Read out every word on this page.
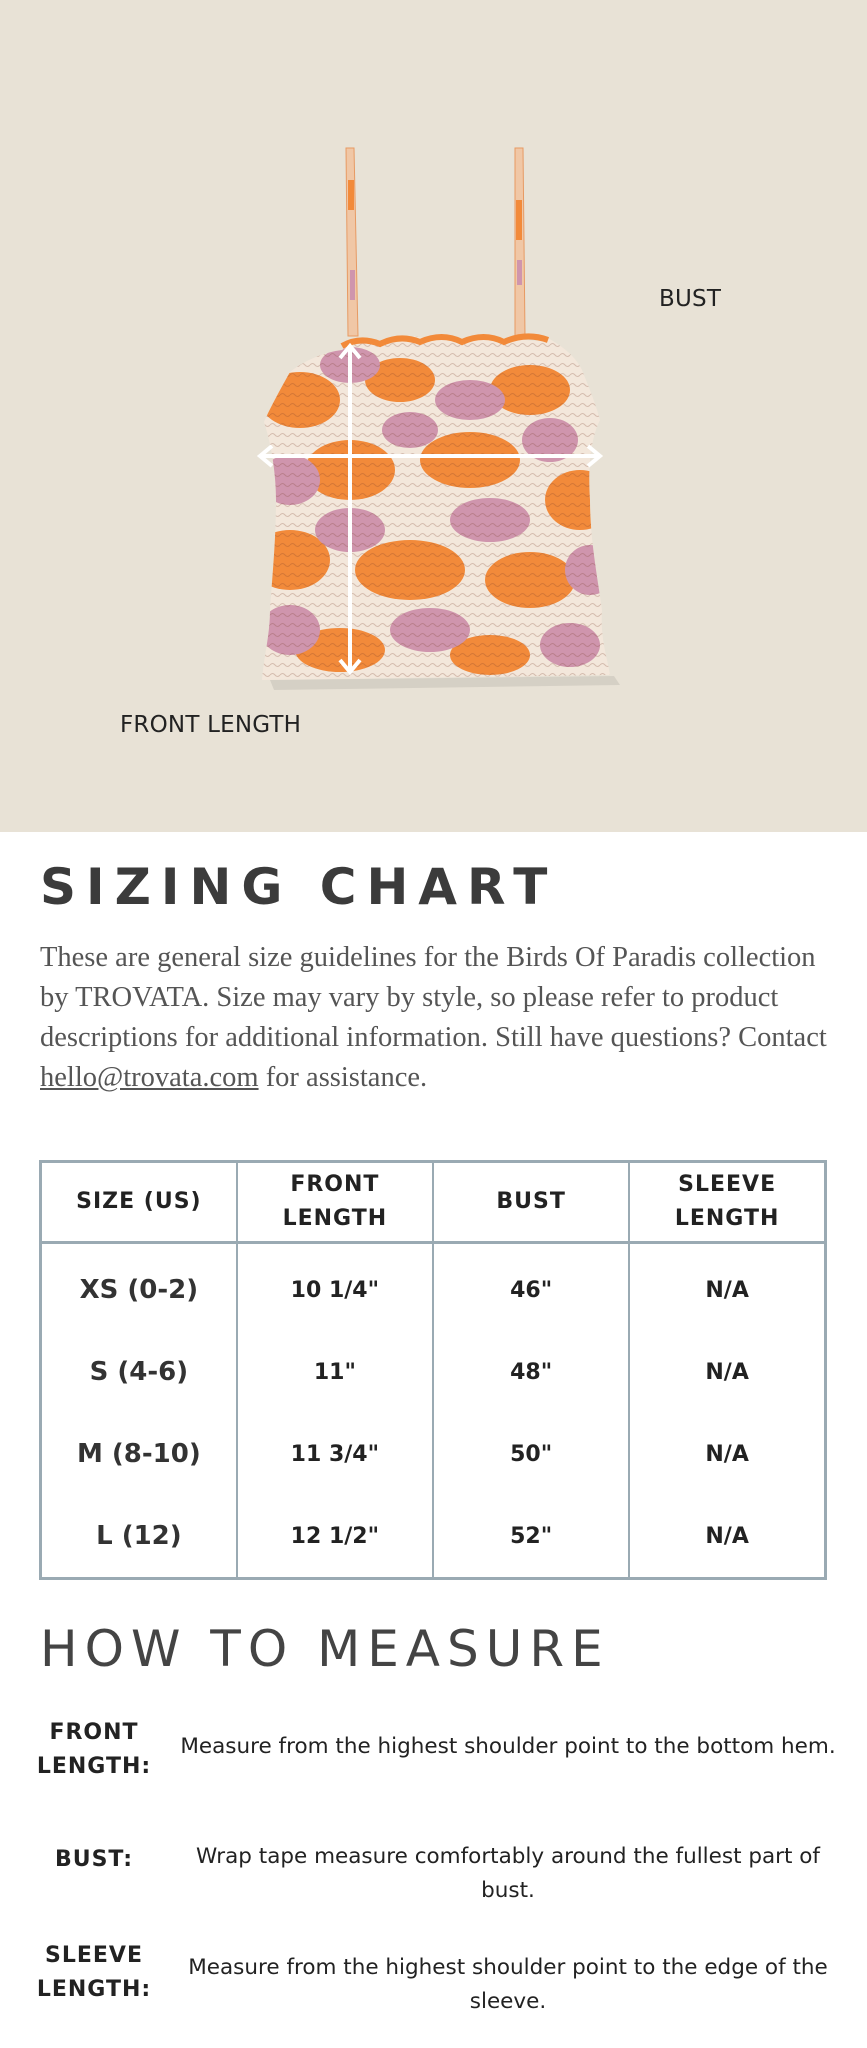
BUST
FRONT LENGTH
SIZING CHART

These are general size guidelines for the Birds Of Paradis collection by TROVATA. Size may vary by style, so please refer to product descriptions for additional information. Still have questions? Contact hello@trovata.com for assistance.

SIZE (US)	FRONT LENGTH	BUST	SLEEVE LENGTH
XS (0-2)	10 1/4"	46"	N/A
S (4-6)	11"	48"	N/A
M (8-10)	11 3/4"	50"	N/A
L (12)	12 1/2"	52"	N/A
HOW TO MEASURE
FRONT LENGTH:
Measure from the highest shoulder point to the bottom hem.
BUST:	Wrap tape measure comfortably around the fullest part of bust.
SLEEVE LENGTH:
Measure from the highest shoulder point to the edge of the sleeve.
